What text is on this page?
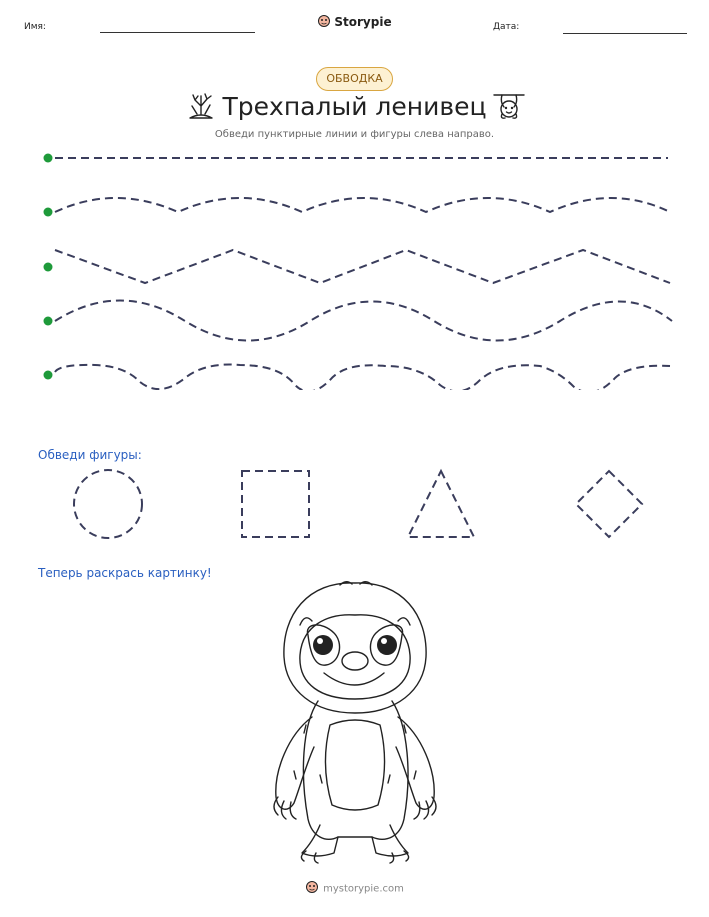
Имя:	Storypie	Дата:
ОБВОДКА
Трехпалый ленивец
Обведи пунктирные линии и фигуры слева направо.
Обведи фигуры:
Теперь раскрась картинку!
mystorypie.com
